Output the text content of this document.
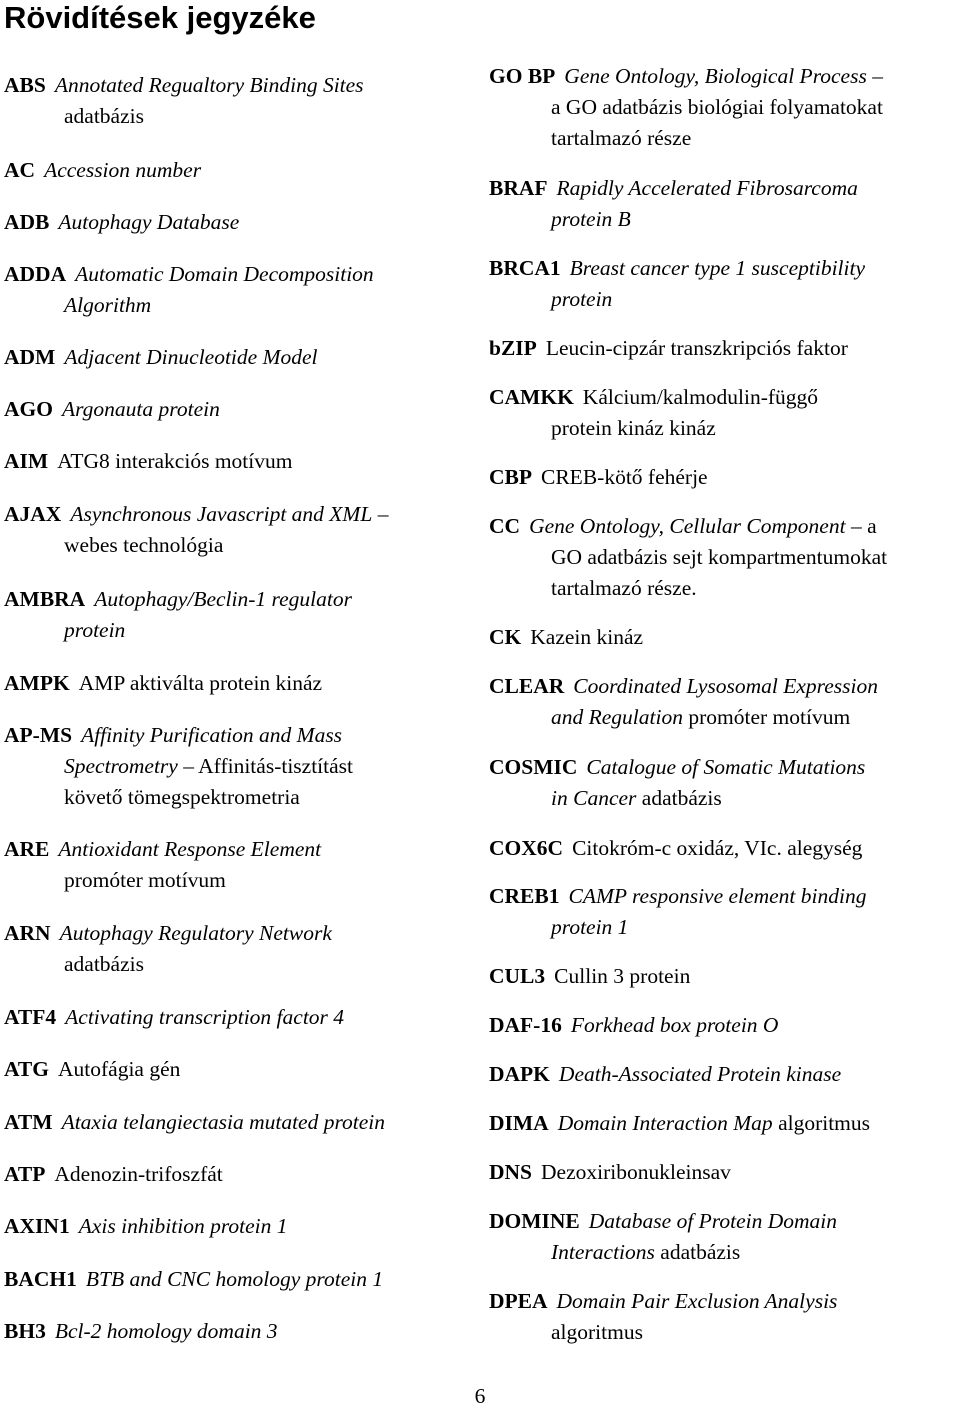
Rövidítések jegyzéke
ABS Annotated Regualtory Binding Sites
adatbázis
AC Accession number
ADB Autophagy Database
ADDA Automatic Domain Decomposition
Algorithm
ADM Adjacent Dinucleotide Model
AGO Argonauta protein
AIM ATG8 interakciós motívum
AJAX Asynchronous Javascript and XML –
webes technológia
AMBRA Autophagy/Beclin-1 regulator
protein
AMPK AMP aktiválta protein kináz
AP-MS Affinity Purification and Mass
Spectrometry – Affinitás-tisztítást
követő tömegspektrometria
ARE Antioxidant Response Element
promóter motívum
ARN Autophagy Regulatory Network
adatbázis
ATF4 Activating transcription factor 4
ATG Autofágia gén
ATM Ataxia telangiectasia mutated protein
ATP Adenozin-trifoszfát
AXIN1 Axis inhibition protein 1
BACH1 BTB and CNC homology protein 1
BH3 Bcl-2 homology domain 3
GO BP Gene Ontology, Biological Process –
a GO adatbázis biológiai folyamatokat
tartalmazó része
BRAF Rapidly Accelerated Fibrosarcoma
protein B
BRCA1 Breast cancer type 1 susceptibility
protein
bZIP Leucin-cipzár transzkripciós faktor
CAMKK Kálcium/kalmodulin-függő
protein kináz kináz
CBP CREB-kötő fehérje
CC Gene Ontology, Cellular Component – a
GO adatbázis sejt kompartmentumokat
tartalmazó része.
CK Kazein kináz
CLEAR Coordinated Lysosomal Expression
and Regulation promóter motívum
COSMIC Catalogue of Somatic Mutations
in Cancer adatbázis
COX6C Citokróm-c oxidáz, VIc. alegység
CREB1 CAMP responsive element binding
protein 1
CUL3 Cullin 3 protein
DAF-16 Forkhead box protein O
DAPK Death-Associated Protein kinase
DIMA Domain Interaction Map algoritmus
DNS Dezoxiribonukleinsav
DOMINE Database of Protein Domain
Interactions adatbázis
DPEA Domain Pair Exclusion Analysis
algoritmus
6
